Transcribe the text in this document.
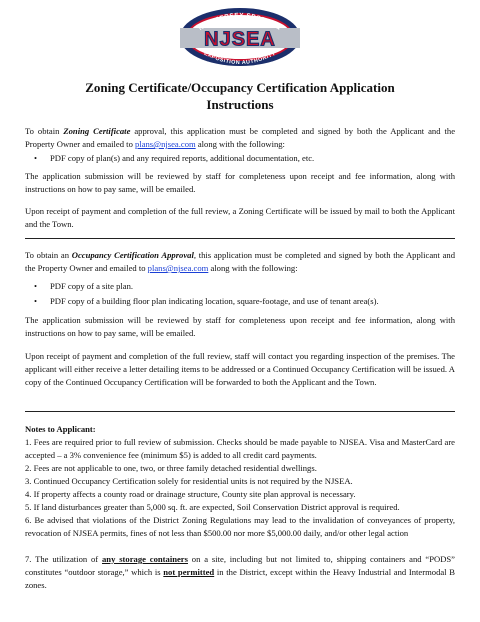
NEW JERSEY SPORTS &
NJSEA
EXPOSITION AUTHORITY
Zoning Certificate/Occupancy Certification Application
Instructions
To obtain Zoning Certificate approval, this application must be completed and signed by both the Applicant and the Property Owner and emailed to plans@njsea.com along with the following:
• PDF copy of plan(s) and any required reports, additional documentation, etc.
The application submission will be reviewed by staff for completeness upon receipt and fee information, along with instructions on how to pay same, will be emailed.
Upon receipt of payment and completion of the full review, a Zoning Certificate will be issued by mail to both the Applicant and the Town.
To obtain an Occupancy Certification Approval, this application must be completed and signed by both the Applicant and the Property Owner and emailed to plans@njsea.com along with the following:
• PDF copy of a site plan.
• PDF copy of a building floor plan indicating location, square-footage, and use of tenant area(s).
The application submission will be reviewed by staff for completeness upon receipt and fee information, along with instructions on how to pay same, will be emailed.
Upon receipt of payment and completion of the full review, staff will contact you regarding inspection of the premises. The applicant will either receive a letter detailing items to be addressed or a Continued Occupancy Certification will be issued. A copy of the Continued Occupancy Certification will be forwarded to both the Applicant and the Town.
Notes to Applicant:
1. Fees are required prior to full review of submission. Checks should be made payable to NJSEA. Visa and MasterCard are accepted – a 3% convenience fee (minimum $5) is added to all credit card payments.
2. Fees are not applicable to one, two, or three family detached residential dwellings.
3. Continued Occupancy Certification solely for residential units is not required by the NJSEA.
4. If property affects a county road or drainage structure, County site plan approval is necessary.
5. If land disturbances greater than 5,000 sq. ft. are expected, Soil Conservation District approval is required.
6. Be advised that violations of the District Zoning Regulations may lead to the invalidation of conveyances of property, revocation of NJSEA permits, fines of not less than $500.00 nor more $5,000.00 daily, and/or other legal action
7. The utilization of any storage containers on a site, including but not limited to, shipping containers and “PODS” constitutes “outdoor storage,” which is not permitted in the District, except within the Heavy Industrial and Intermodal B zones.
